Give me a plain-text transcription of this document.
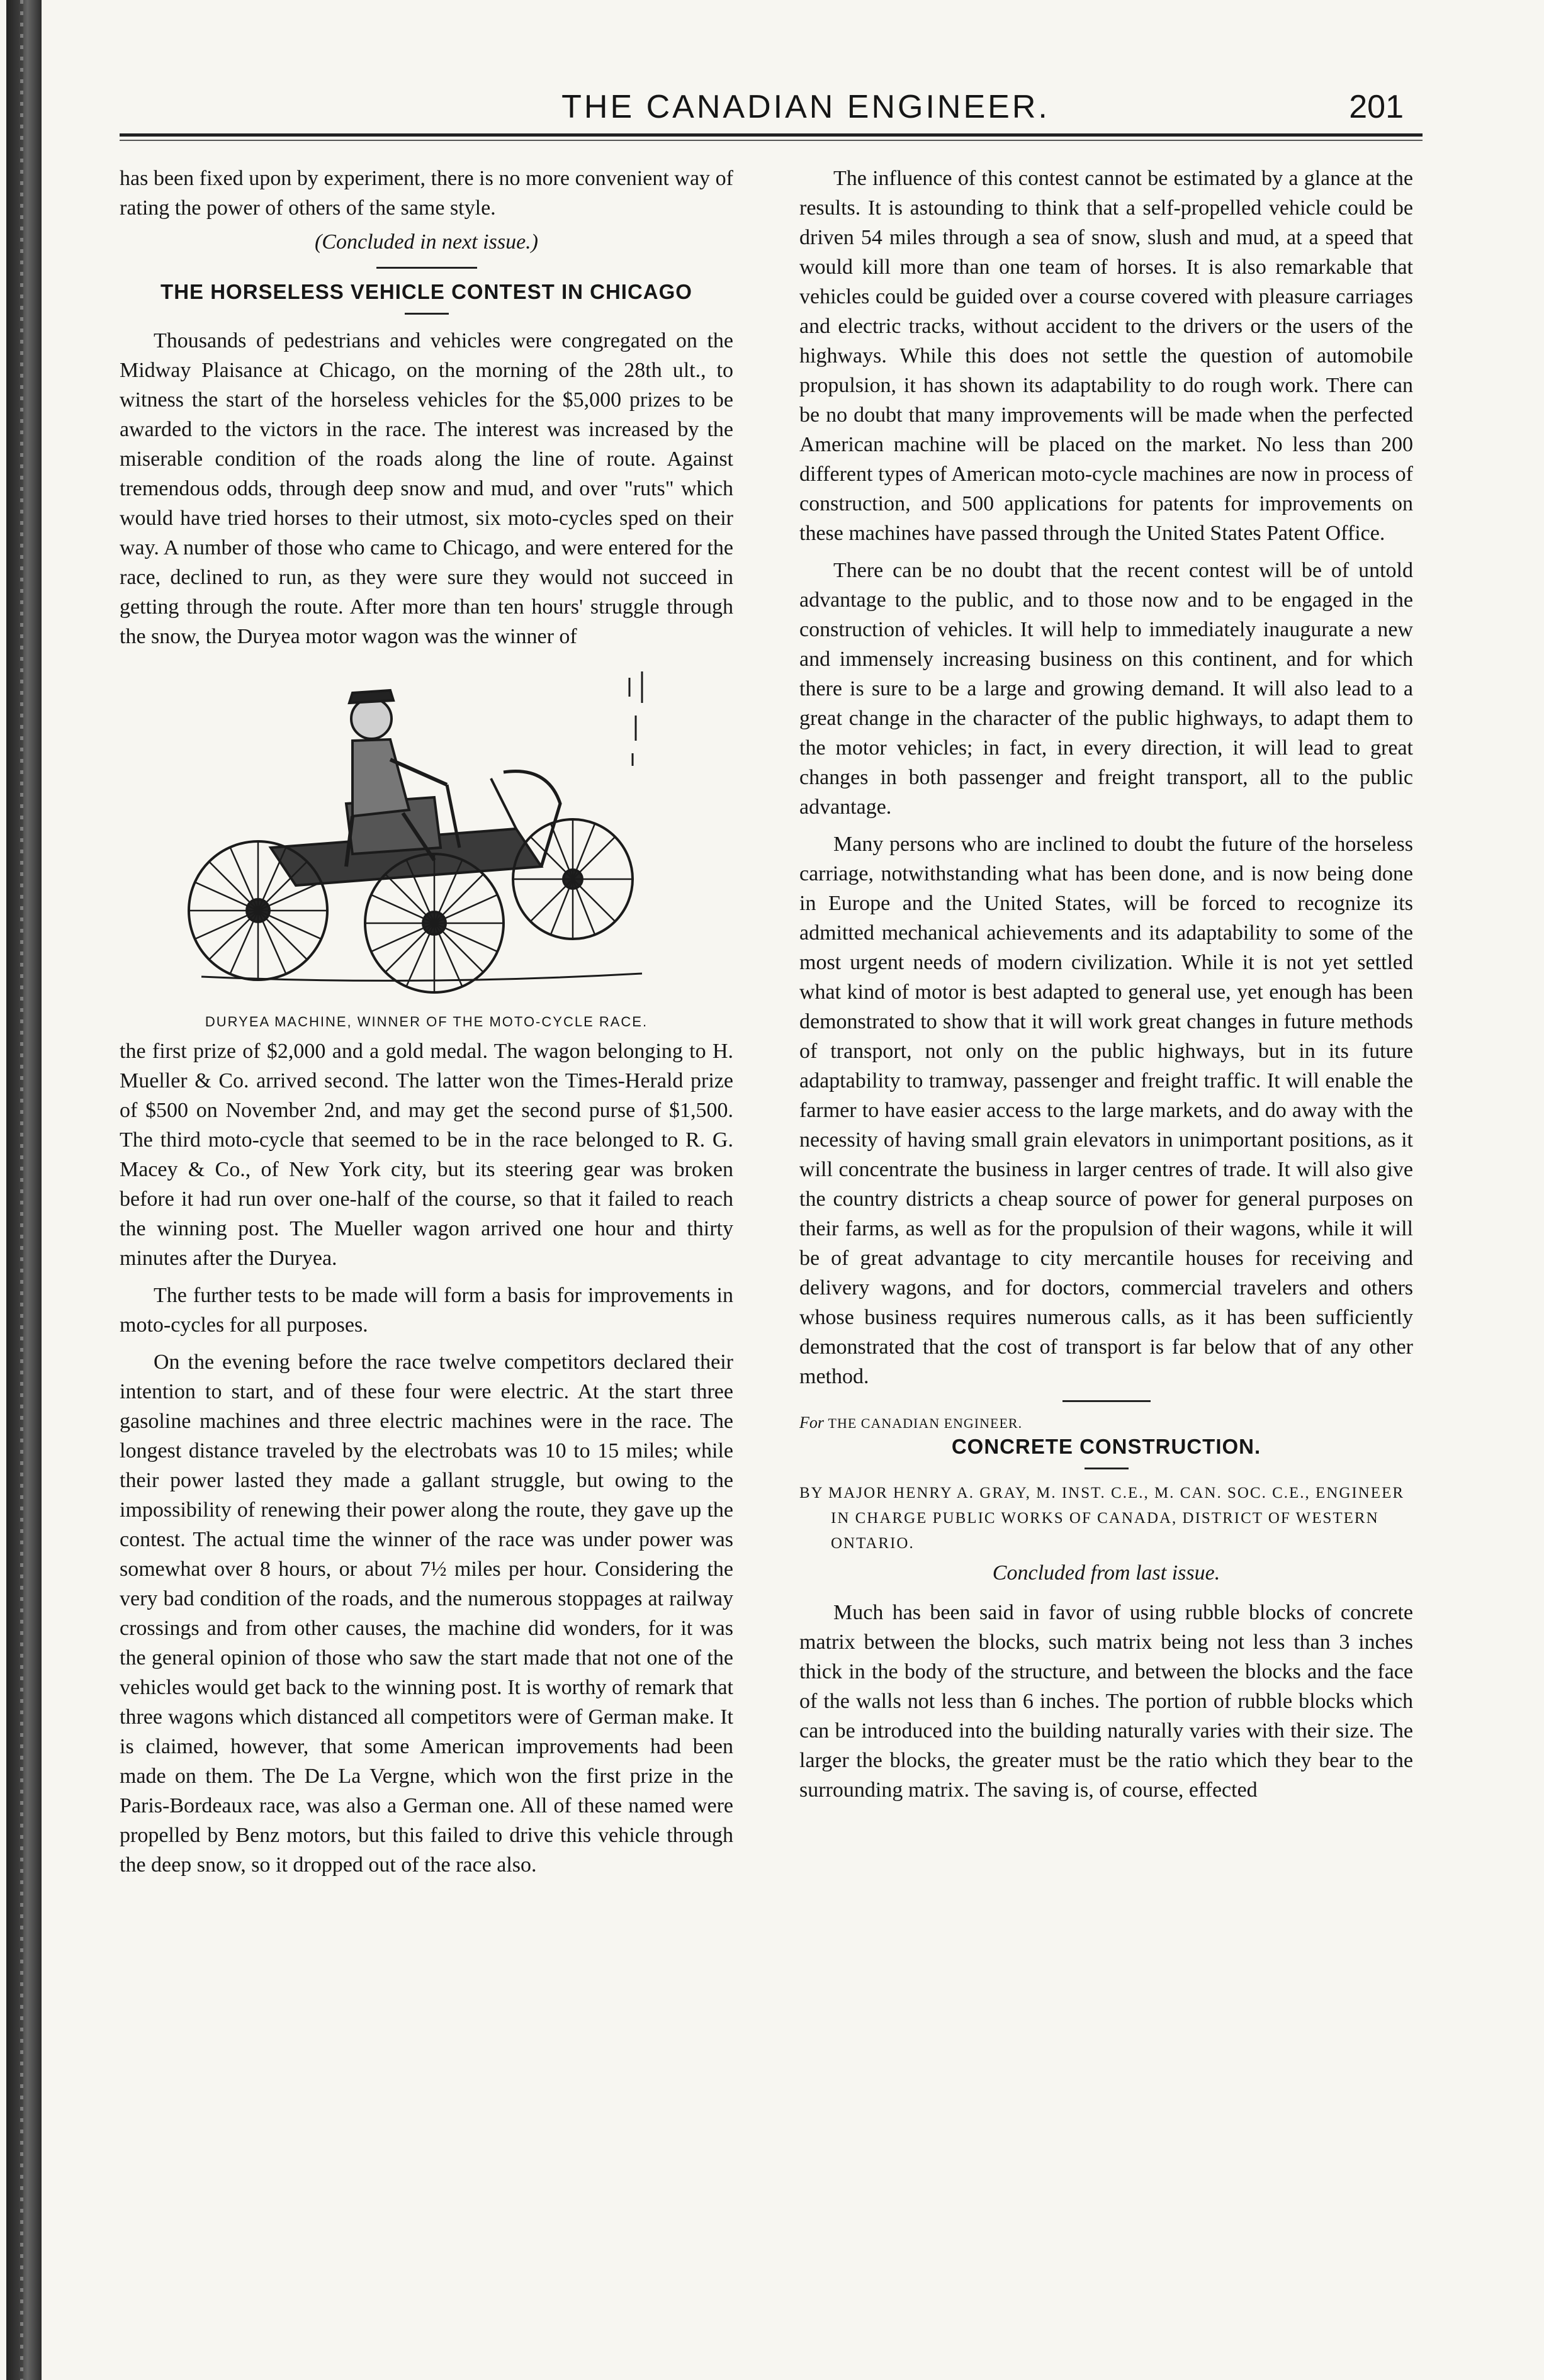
THE CANADIAN ENGINEER.	201

has been fixed upon by experiment, there is no more convenient way of rating the power of others of the same style.

(Concluded in next issue.)
THE HORSELESS VEHICLE CONTEST IN CHICAGO

Thousands of pedestrians and vehicles were congregated on the Midway Plaisance at Chicago, on the morning of the 28th ult., to witness the start of the horseless vehicles for the $5,000 prizes to be awarded to the victors in the race. The interest was increased by the miserable condition of the roads along the line of route. Against tremendous odds, through deep snow and mud, and over "ruts" which would have tried horses to their utmost, six moto-cycles sped on their way. A number of those who came to Chicago, and were entered for the race, declined to run, as they were sure they would not succeed in getting through the route. After more than ten hours' struggle through the snow, the Duryea motor wagon was the winner of

DURYEA MACHINE, WINNER OF THE MOTO-CYCLE RACE.

the first prize of $2,000 and a gold medal. The wagon belonging to H. Mueller & Co. arrived second. The latter won the Times-Herald prize of $500 on November 2nd, and may get the second purse of $1,500. The third moto-cycle that seemed to be in the race belonged to R. G. Macey & Co., of New York city, but its steering gear was broken before it had run over one-half of the course, so that it failed to reach the winning post. The Mueller wagon arrived one hour and thirty minutes after the Duryea.

The further tests to be made will form a basis for improvements in moto-cycles for all purposes.

On the evening before the race twelve competitors declared their intention to start, and of these four were electric. At the start three gasoline machines and three electric machines were in the race. The longest distance traveled by the electrobats was 10 to 15 miles; while their power lasted they made a gallant struggle, but owing to the impossibility of renewing their power along the route, they gave up the contest. The actual time the winner of the race was under power was somewhat over 8 hours, or about 7½ miles per hour. Considering the very bad condition of the roads, and the numerous stoppages at railway crossings and from other causes, the machine did wonders, for it was the general opinion of those who saw the start made that not one of the vehicles would get back to the winning post. It is worthy of remark that three wagons which distanced all competitors were of German make. It is claimed, however, that some American improvements had been made on them. The De La Vergne, which won the first prize in the Paris-Bordeaux race, was also a German one. All of these named were propelled by Benz motors, but this failed to drive this vehicle through the deep snow, so it dropped out of the race also.

The influence of this contest cannot be estimated by a glance at the results. It is astounding to think that a self-propelled vehicle could be driven 54 miles through a sea of snow, slush and mud, at a speed that would kill more than one team of horses. It is also remarkable that vehicles could be guided over a course covered with pleasure carriages and electric tracks, without accident to the drivers or the users of the highways. While this does not settle the question of automobile propulsion, it has shown its adaptability to do rough work. There can be no doubt that many improvements will be made when the perfected American machine will be placed on the market. No less than 200 different types of American moto-cycle machines are now in process of construction, and 500 applications for patents for improvements on these machines have passed through the United States Patent Office.

There can be no doubt that the recent contest will be of untold advantage to the public, and to those now and to be engaged in the construction of vehicles. It will help to immediately inaugurate a new and immensely increasing business on this continent, and for which there is sure to be a large and growing demand. It will also lead to a great change in the character of the public highways, to adapt them to the motor vehicles; in fact, in every direction, it will lead to great changes in both passenger and freight transport, all to the public advantage.

Many persons who are inclined to doubt the future of the horseless carriage, notwithstanding what has been done, and is now being done in Europe and the United States, will be forced to recognize its admitted mechanical achievements and its adaptability to some of the most urgent needs of modern civilization. While it is not yet settled what kind of motor is best adapted to general use, yet enough has been demonstrated to show that it will work great changes in future methods of transport, not only on the public highways, but in its future adaptability to tramway, passenger and freight traffic. It will enable the farmer to have easier access to the large markets, and do away with the necessity of having small grain elevators in unimportant positions, as it will concentrate the business in larger centres of trade. It will also give the country districts a cheap source of power for general purposes on their farms, as well as for the propulsion of their wagons, while it will be of great advantage to city mercantile houses for receiving and delivery wagons, and for doctors, commercial travelers and others whose business requires numerous calls, as it has been sufficiently demonstrated that the cost of transport is far below that of any other method.

For THE CANADIAN ENGINEER.
CONCRETE CONSTRUCTION.

BY MAJOR HENRY A. GRAY, M. INST. C.E., M. CAN. SOC. C.E., ENGINEER IN CHARGE PUBLIC WORKS OF CANADA, DISTRICT OF WESTERN ONTARIO.

Concluded from last issue.

Much has been said in favor of using rubble blocks of concrete matrix between the blocks, such matrix being not less than 3 inches thick in the body of the structure, and between the blocks and the face of the walls not less than 6 inches. The portion of rubble blocks which can be introduced into the building naturally varies with their size. The larger the blocks, the greater must be the ratio which they bear to the surrounding matrix. The saving is, of course, effected
